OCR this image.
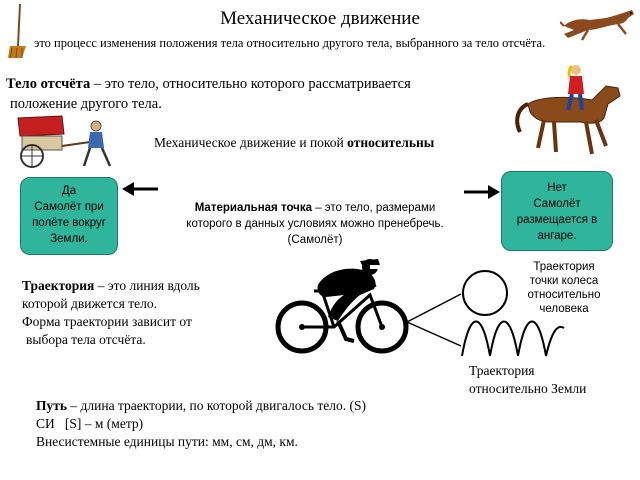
Механическое движение
это процесс изменения положения тела относительно другого тела, выбранного за тело отсчёта.
Тело отсчёта – это тело, относительно которого рассматривается
положение другого тела.
Механическое движение и покой относительны
Да
Самолёт при
полёте вокруг
Земли.
Нет
Самолёт
размещается в
ангаре.
Материальная точка – это тело, размерами
которого в данных условиях можно пренебречь.
(Самолёт)
Траектория – это линия вдоль
которой движется тело.
Форма траектории зависит от
выбора тела отсчёта.
Траектория
точки колеса
относительно
человека
Траектория
относительно Земли
Путь – длина траектории, по которой двигалось тело. (S)
СИ   [S] – м (метр)
Внесистемные единицы пути: мм, см, дм, км.
